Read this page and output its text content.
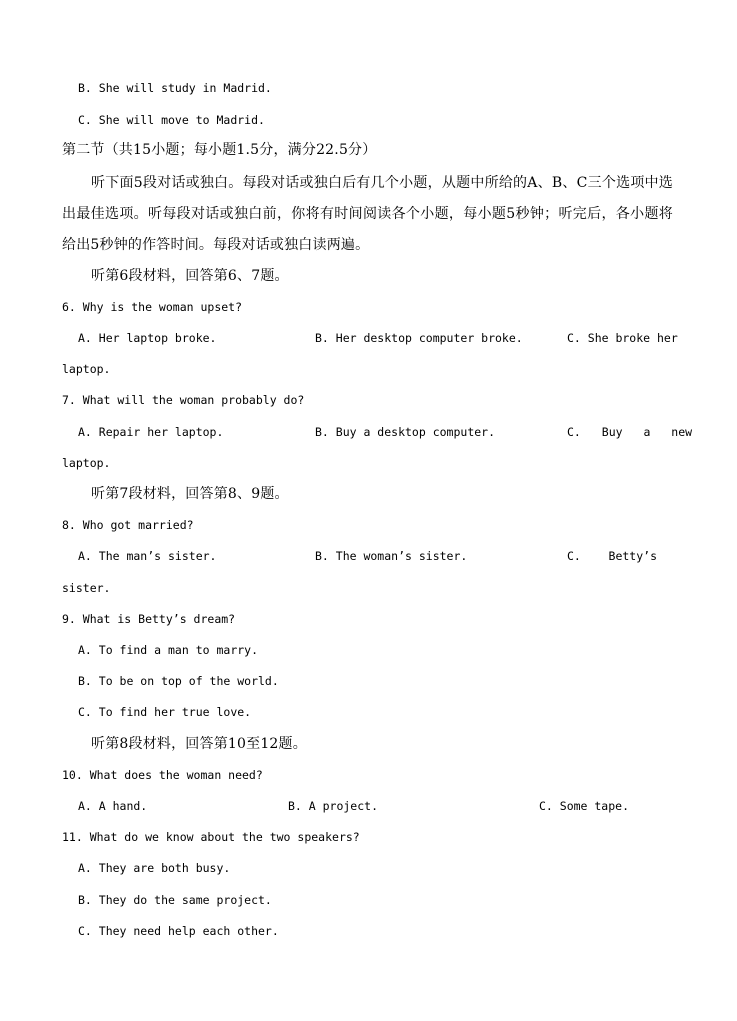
B. She will study in Madrid.
C. She will move to Madrid.
第二节（共15小题；每小题1.5分，满分22.5分）
听下面5段对话或独白。每段对话或独白后有几个小题，从题中所给的A、B、C三个选项中选
出最佳选项。听每段对话或独白前，你将有时间阅读各个小题，每小题5秒钟；听完后，各小题将
给出5秒钟的作答时间。每段对话或独白读两遍。
听第6段材料，回答第6、7题。
6. Why is the woman upset?
A. Her laptop broke.	B. Her desktop computer broke.	C. She broke her
laptop.
7. What will the woman probably do?
A. Repair her laptop.	B. Buy a desktop computer.	C. Buy a new
laptop.
听第7段材料，回答第8、9题。
8. Who got married?
A. The man’s sister.	B. The woman’s sister.	C.    Betty’s
sister.
9. What is Betty’s dream?
A. To find a man to marry.
B. To be on top of the world.
C. To find her true love.
听第8段材料，回答第10至12题。
10. What does the woman need?
A. A hand.	B. A project.	C. Some tape.
11. What do we know about the two speakers?
A. They are both busy.
B. They do the same project.
C. They need help each other.
